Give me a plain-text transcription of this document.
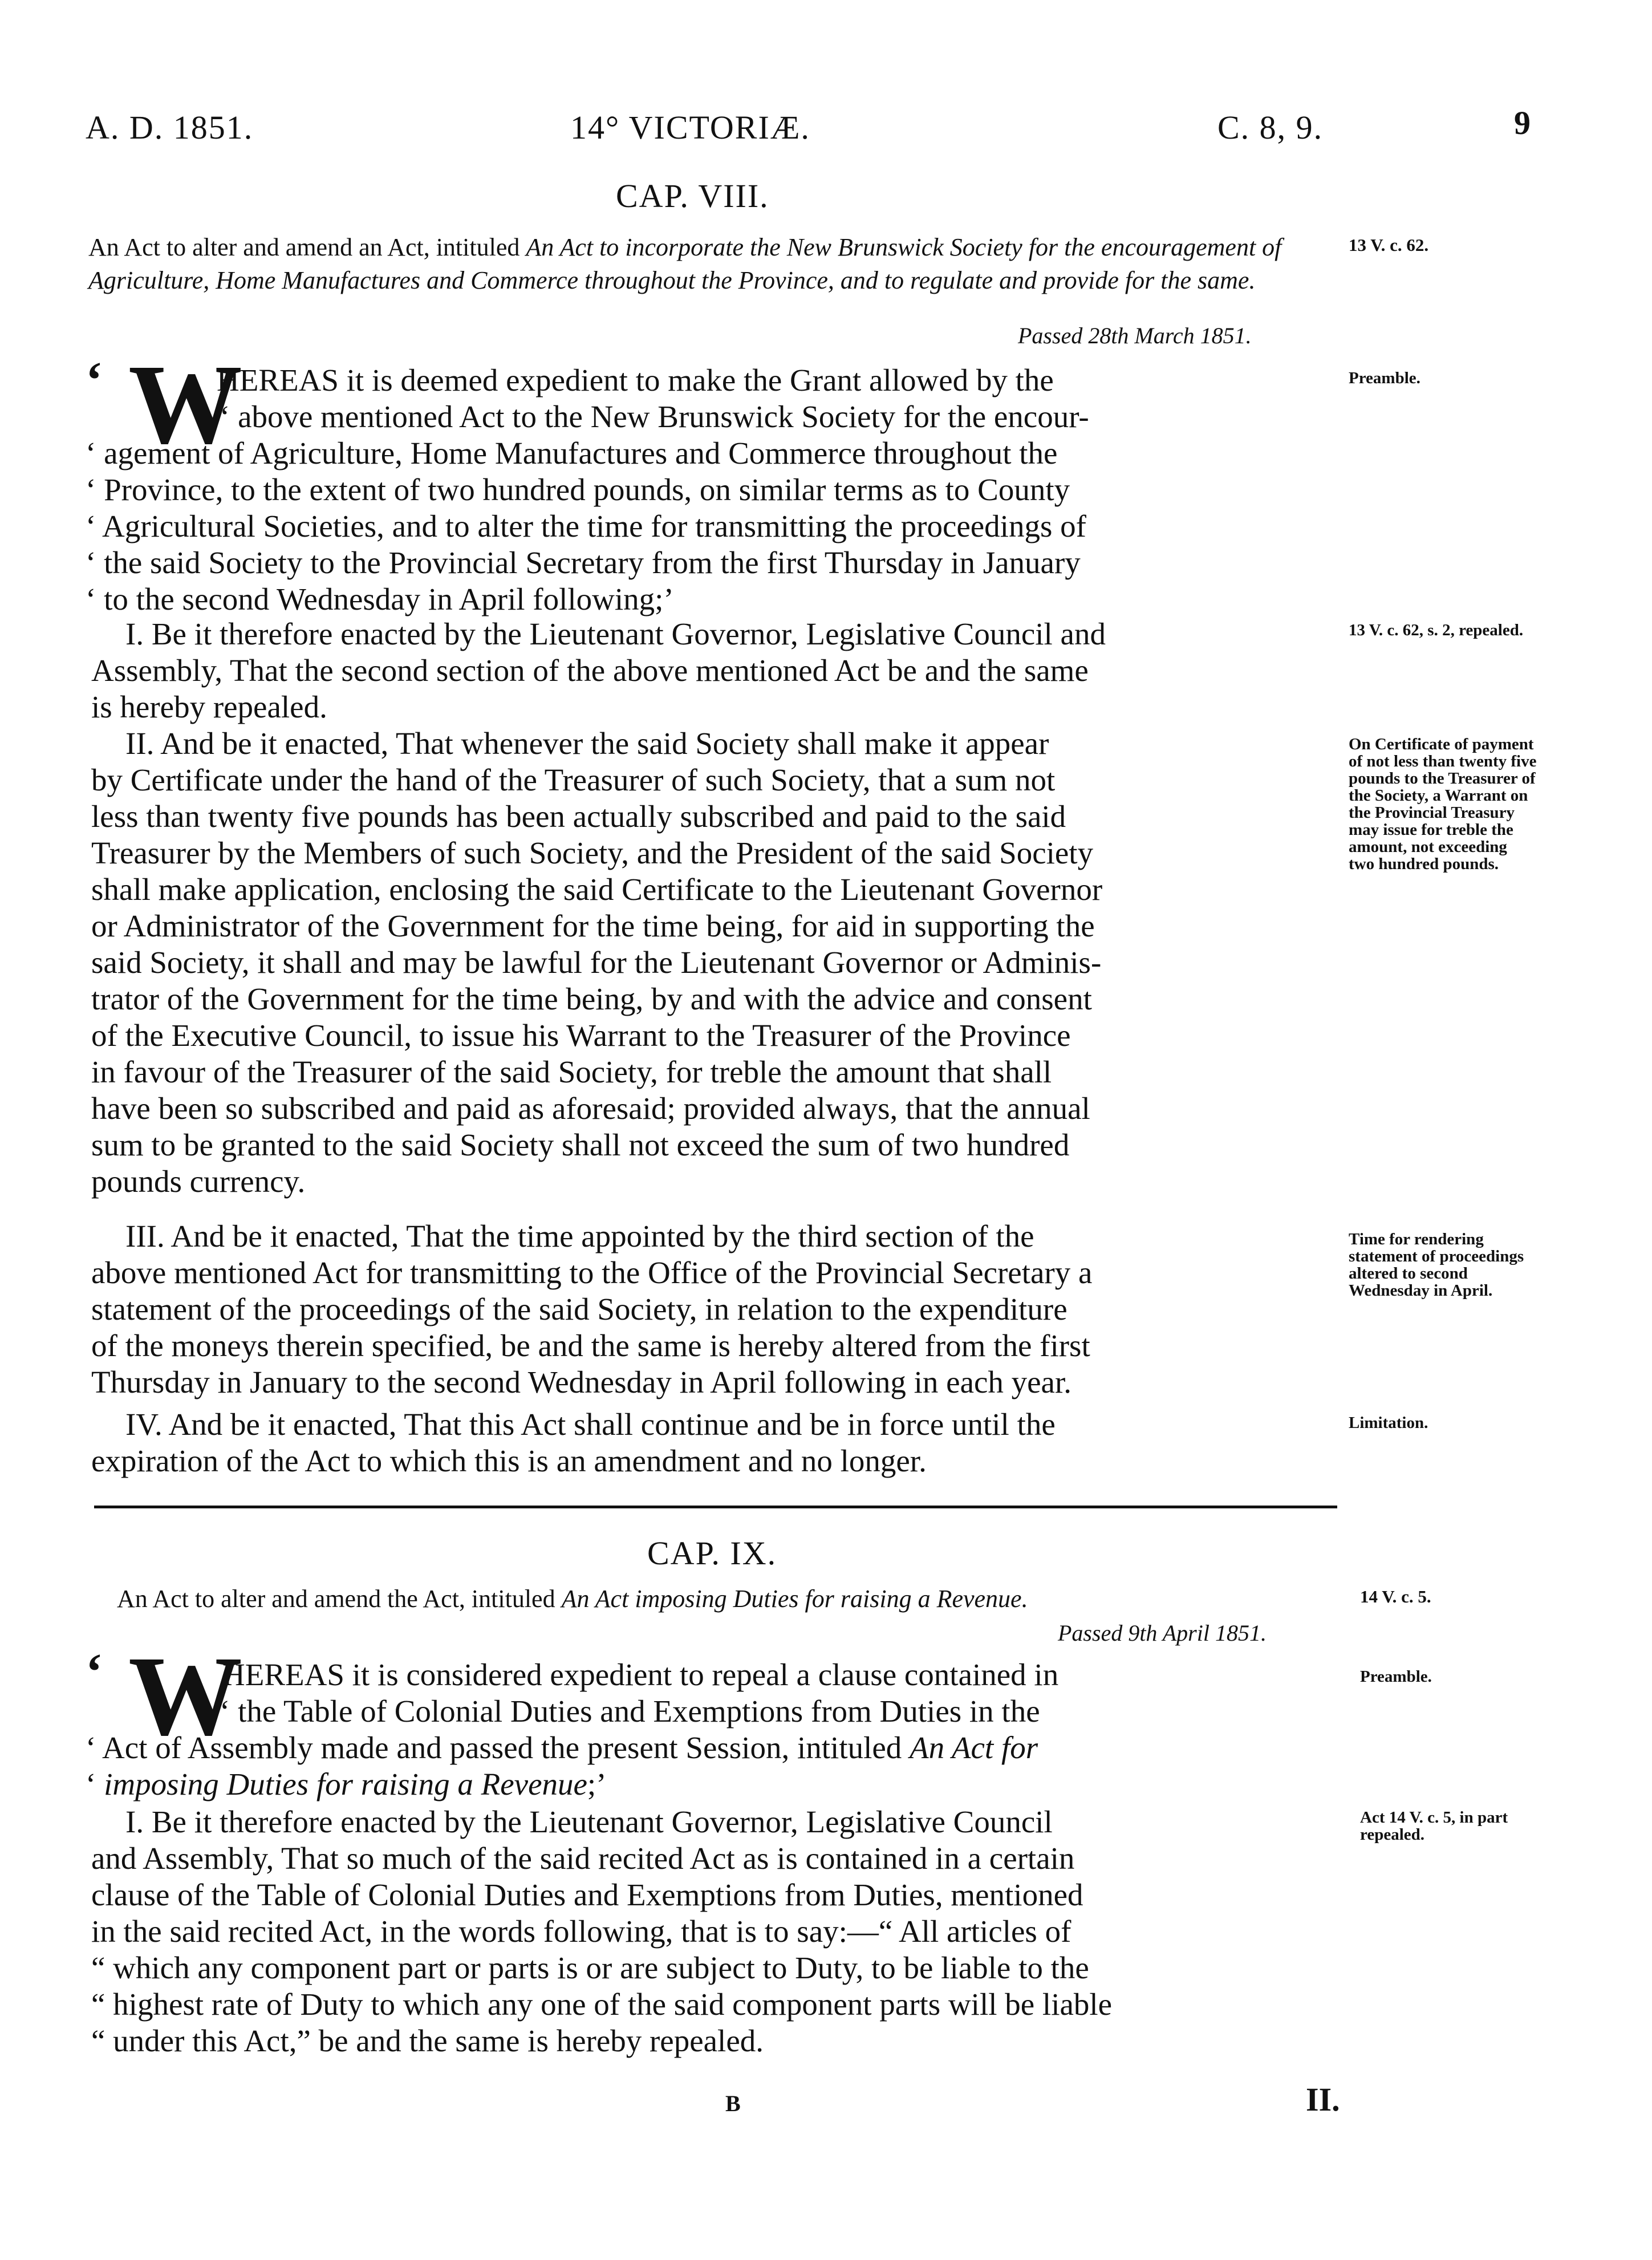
A. D. 1851.	14° VICTORIÆ.	C. 8, 9.	9
CAP. VIII.
An Act to alter and amend an Act, intituled An Act to incorporate the New Brunswick Society for the encouragement of Agriculture, Home Manufactures and Commerce throughout the Province, and to regulate and provide for the same.
13 V. c. 62.
Passed 28th March 1851.
‘ W	Preamble.
HEREAS it is deemed expedient to make the Grant allowed by the
‘ above mentioned Act to the New Brunswick Society for the encour-
‘ agement of Agriculture, Home Manufactures and Commerce throughout the
‘ Province, to the extent of two hundred pounds, on similar terms as to County
‘ Agricultural Societies, and to alter the time for transmitting the proceedings of
‘ the said Society to the Provincial Secretary from the first Thursday in January
‘ to the second Wednesday in April following;’
13 V. c. 62, s. 2, repealed.
I. Be it therefore enacted by the Lieutenant Governor, Legislative Council and
Assembly, That the second section of the above mentioned Act be and the same
is hereby repealed.
On Certificate of payment of not less than twenty five pounds to the Treasurer of the Society, a Warrant on the Provincial Treasury may issue for treble the amount, not exceeding two hundred pounds.
II. And be it enacted, That whenever the said Society shall make it appear
by Certificate under the hand of the Treasurer of such Society, that a sum not
less than twenty five pounds has been actually subscribed and paid to the said
Treasurer by the Members of such Society, and the President of the said Society
shall make application, enclosing the said Certificate to the Lieutenant Governor
or Administrator of the Government for the time being, for aid in supporting the
said Society, it shall and may be lawful for the Lieutenant Governor or Adminis-
trator of the Government for the time being, by and with the advice and consent
of the Executive Council, to issue his Warrant to the Treasurer of the Province
in favour of the Treasurer of the said Society, for treble the amount that shall
have been so subscribed and paid as aforesaid; provided always, that the annual
sum to be granted to the said Society shall not exceed the sum of two hundred
pounds currency.
Time for rendering statement of proceedings altered to second Wednesday in April.
III. And be it enacted, That the time appointed by the third section of the
above mentioned Act for transmitting to the Office of the Provincial Secretary a
statement of the proceedings of the said Society, in relation to the expenditure
of the moneys therein specified, be and the same is hereby altered from the first
Thursday in January to the second Wednesday in April following in each year.
Limitation.
IV. And be it enacted, That this Act shall continue and be in force until the
expiration of the Act to which this is an amendment and no longer.
CAP. IX.
An Act to alter and amend the Act, intituled An Act imposing Duties for raising a Revenue.	14 V. c. 5.
Passed 9th April 1851.
‘ W	Preamble.
HEREAS it is considered expedient to repeal a clause contained in
‘ the Table of Colonial Duties and Exemptions from Duties in the
‘ Act of Assembly made and passed the present Session, intituled An Act for
‘ imposing Duties for raising a Revenue;’
Act 14 V. c. 5, in part repealed.
I. Be it therefore enacted by the Lieutenant Governor, Legislative Council
and Assembly, That so much of the said recited Act as is contained in a certain
clause of the Table of Colonial Duties and Exemptions from Duties, mentioned
in the said recited Act, in the words following, that is to say:—“ All articles of
“ which any component part or parts is or are subject to Duty, to be liable to the
“ highest rate of Duty to which any one of the said component parts will be liable
“ under this Act,” be and the same is hereby repealed.
B	II.
